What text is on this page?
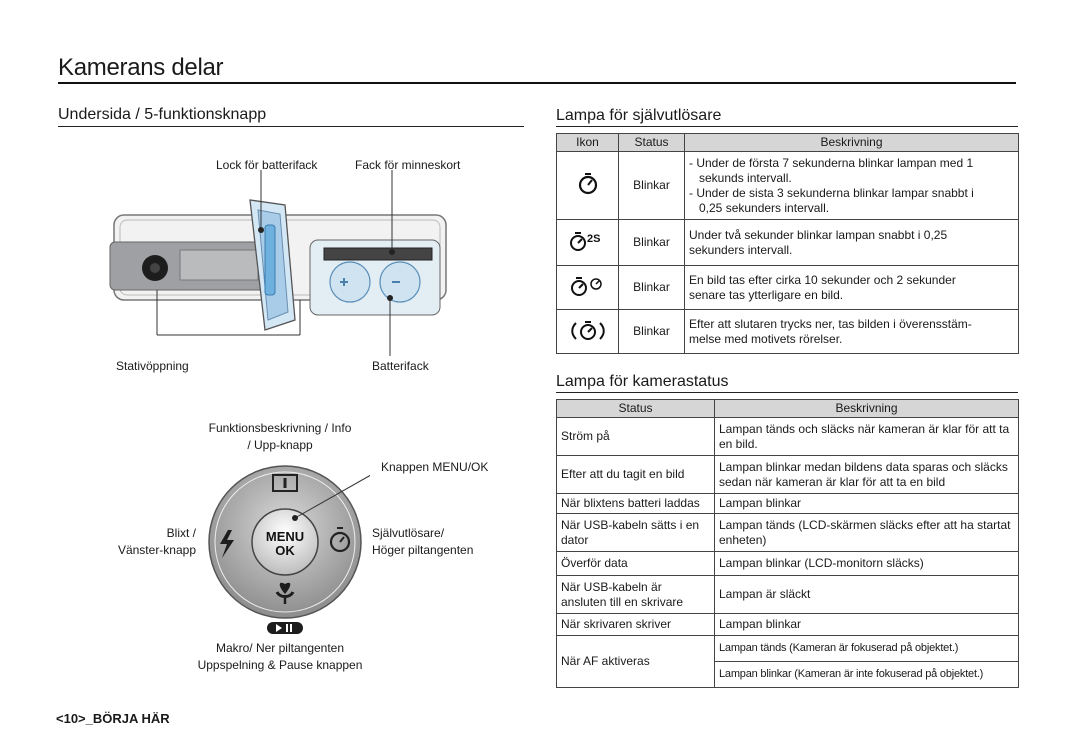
Kamerans delar
Undersida / 5-funktionsknapp
Lock för batterifack	Fack för minneskort
Stativöppning	Batterifack
Funktionsbeskrivning / Info
/ Upp-knapp
Knappen MENU/OK
Blixt /
Vänster-knapp
Självutlösare/
Höger piltangenten
Makro/ Ner piltangenten
Uppspelning & Pause knappen
MENU
OK
Lampa för självutlösare
Ikon	Status	Beskrivning
	Blinkar	- Under de första 7 sekunderna blinkar lampan med 1
sekunds intervall.
- Under de sista 3 sekunderna blinkar lampar snabbt i
0,25 sekunders intervall.

2S	Blinkar	Under två sekunder blinkar lampan snabbt i 0,25
sekunders intervall.

	Blinkar	En bild tas efter cirka 10 sekunder och 2 sekunder
senare tas ytterligare en bild.

	Blinkar	Efter att slutaren trycks ner, tas bilden i överensstäm-
melse med motivets rörelser.
Lampa för kamerastatus
Status	Beskrivning
Ström på	Lampan tänds och släcks när kameran är klar för att ta en bild.
Efter att du tagit en bild	Lampan blinkar medan bildens data sparas och släcks sedan när kameran är klar för att ta en bild
När blixtens batteri laddas	Lampan blinkar
När USB-kabeln sätts i en dator	Lampan tänds (LCD-skärmen släcks efter att ha startat enheten)
Överför data	Lampan blinkar (LCD-monitorn släcks)
När USB-kabeln är ansluten till en skrivare	Lampan är släckt
När skrivaren skriver	Lampan blinkar
När AF aktiveras	Lampan tänds (Kameran är fokuserad på objektet.)
	Lampan blinkar (Kameran är inte fokuserad på objektet.)
<10>_BÖRJA HÄR
